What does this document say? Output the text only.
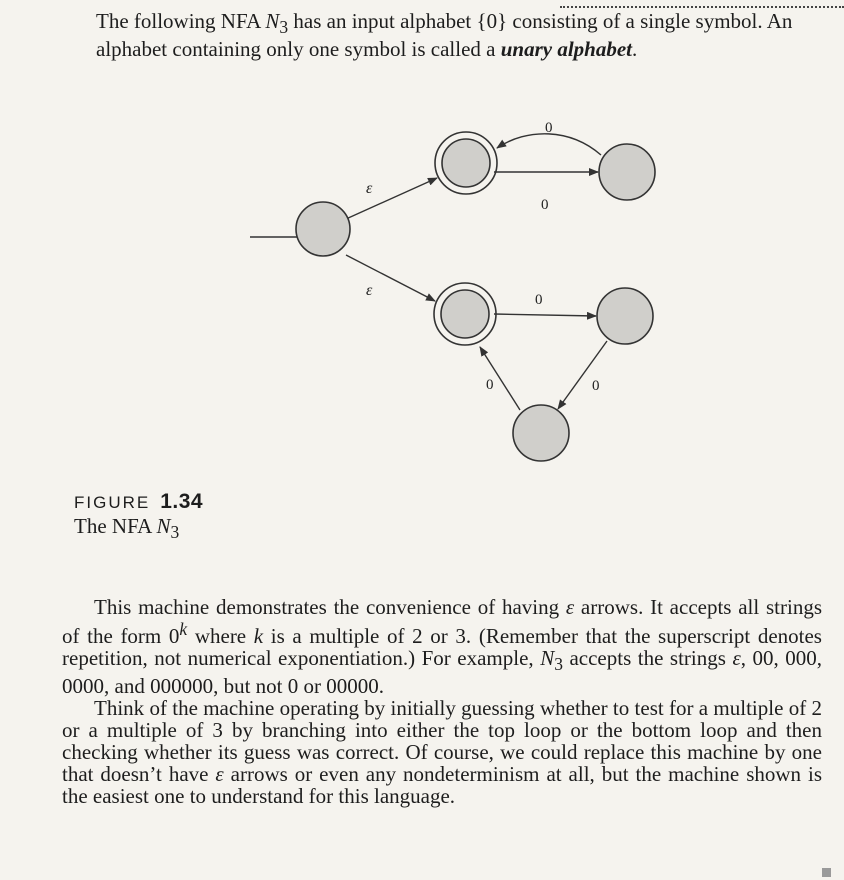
The following NFA $N_3$ has an input alphabet {0} consisting of a single symbol. An alphabet containing only one symbol is called a unary alphabet.
ε
ε
0
0
0
0
0
FIGURE 1.34
The NFA $N_3$
This machine demonstrates the convenience of having ε arrows. It accepts all strings of the form 0$^k$ where k is a multiple of 2 or 3. (Remember that the superscript denotes repetition, not numerical exponentiation.) For example, $N_3$ accepts the strings ε, 00, 000, 0000, and 000000, but not 0 or 00000.
Think of the machine operating by initially guessing whether to test for a multiple of 2 or a multiple of 3 by branching into either the top loop or the bottom loop and then checking whether its guess was correct. Of course, we could replace this machine by one that doesn’t have ε arrows or even any nondeterminism at all, but the machine shown is the easiest one to understand for this language.
